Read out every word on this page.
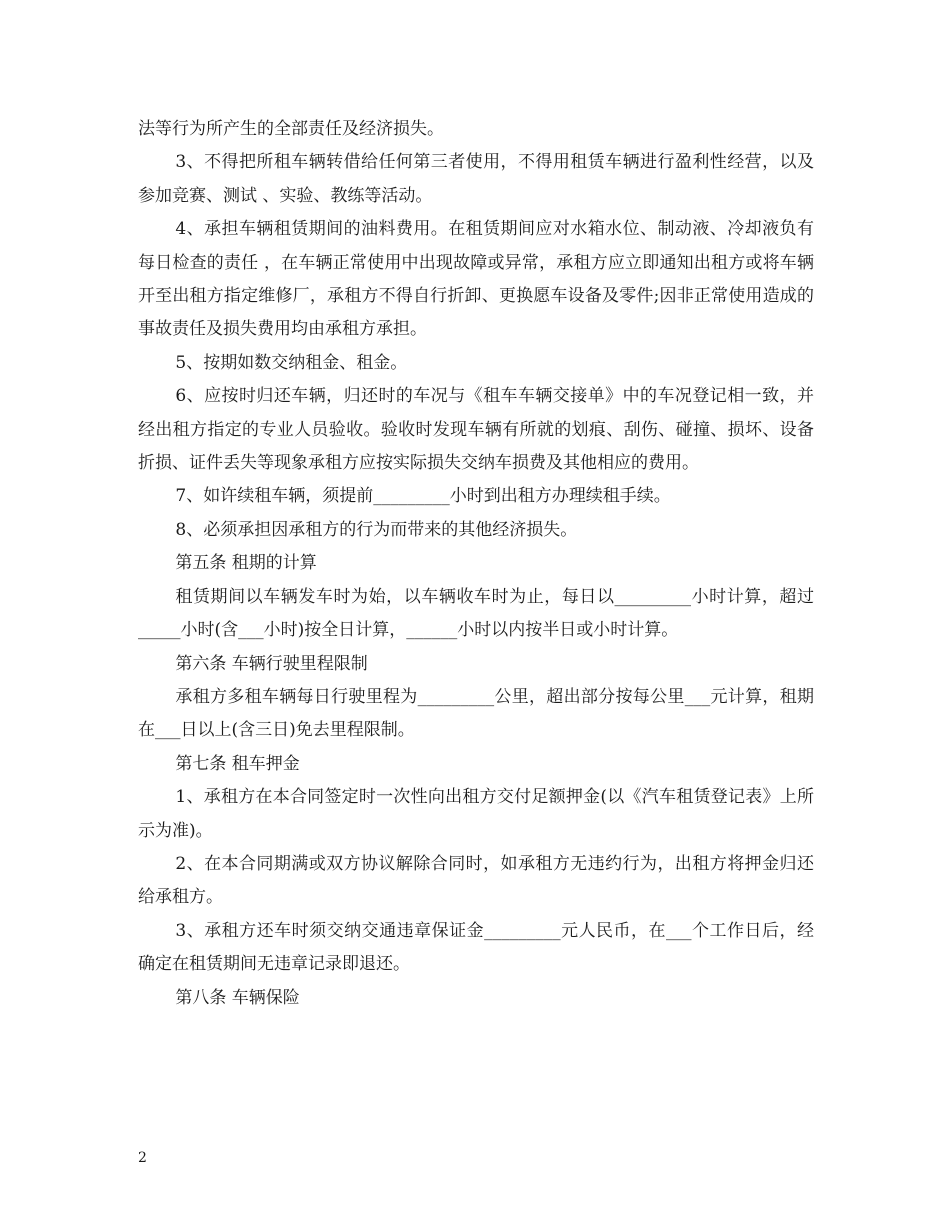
法等行为所产生的全部责任及经济损失。

3、不得把所租车辆转借给任何第三者使用，不得用租赁车辆进行盈利性经营，以及参加竞赛、测试 、实验、教练等活动。

4、承担车辆租赁期间的油料费用。在租赁期间应对水箱水位、制动液、冷却液负有每日检查的责任 ，在车辆正常使用中出现故障或异常，承租方应立即通知出租方或将车辆开至出租方指定维修厂，承租方不得自行折卸、更换愿车设备及零件;因非正常使用造成的事故责任及损失费用均由承租方承担。

5、按期如数交纳租金、租金。

6、应按时归还车辆，归还时的车况与《租车车辆交接单》中的车况登记相一致，并经出租方指定的专业人员验收。验收时发现车辆有所就的划痕、刮伤、碰撞、损坏、设备折损、证件丢失等现象承租方应按实际损失交纳车损费及其他相应的费用。

7、如许续租车辆，须提前_________小时到出租方办理续租手续。

8、必须承担因承租方的行为而带来的其他经济损失。

第五条 租期的计算

租赁期间以车辆发车时为始，以车辆收车时为止，每日以_________小时计算，超过_____小时(含___小时)按全日计算，______小时以内按半日或小时计算。

第六条 车辆行驶里程限制

承租方多租车辆每日行驶里程为_________公里，超出部分按每公里___元计算，租期在___日以上(含三日)免去里程限制。

第七条 租车押金

1、承租方在本合同签定时一次性向出租方交付足额押金(以《汽车租赁登记表》上所示为准)。

2、在本合同期满或双方协议解除合同时，如承租方无违约行为，出租方将押金归还给承租方。

3、承租方还车时须交纳交通违章保证金_________元人民币，在___个工作日后，经确定在租赁期间无违章记录即退还。

第八条 车辆保险

2
